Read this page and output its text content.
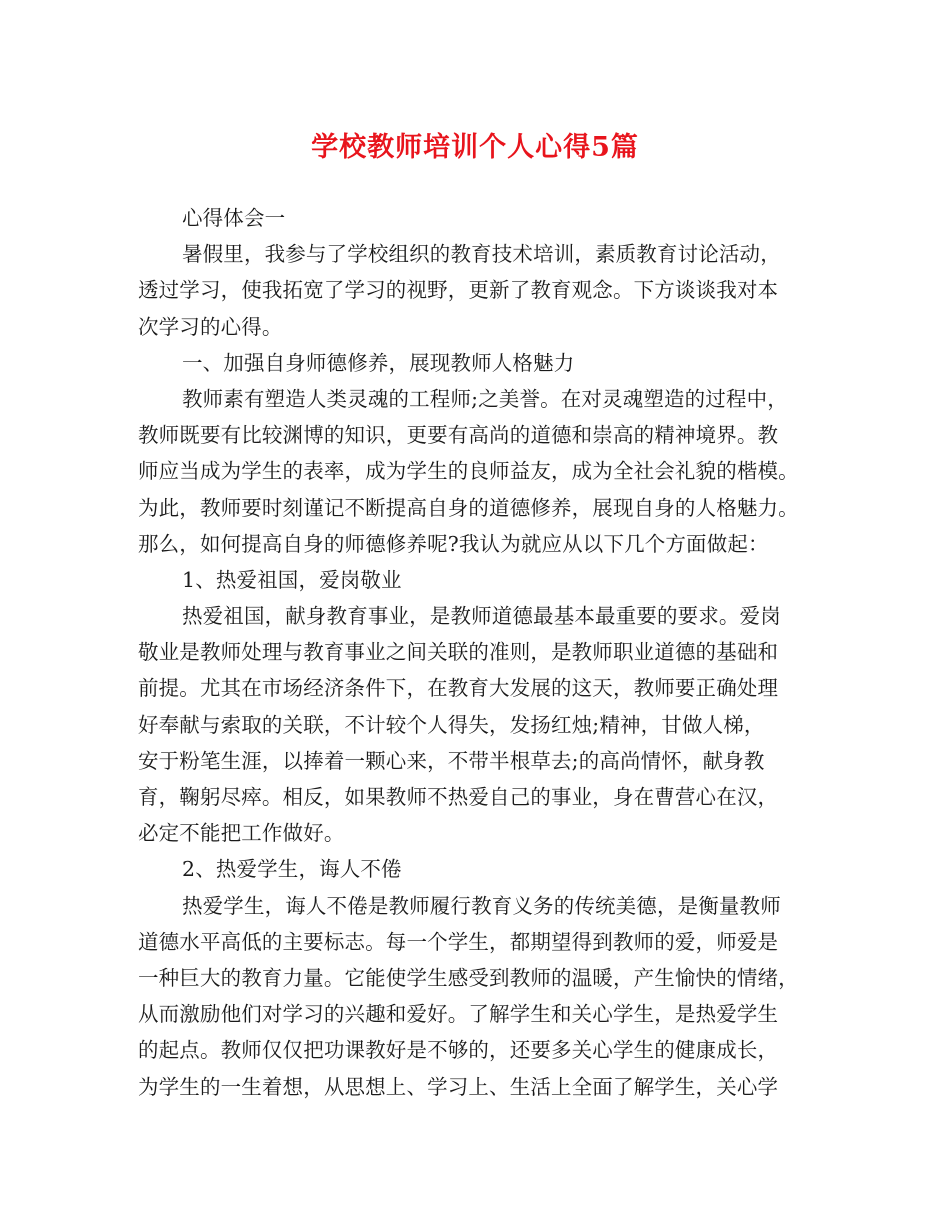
学校教师培训个人心得5篇
心得体会一
暑假里，我参与了学校组织的教育技术培训，素质教育讨论活动，
透过学习，使我拓宽了学习的视野，更新了教育观念。下方谈谈我对本
次学习的心得。
一、加强自身师德修养，展现教师人格魅力
教师素有塑造人类灵魂的工程师;之美誉。在对灵魂塑造的过程中，
教师既要有比较渊博的知识，更要有高尚的道德和崇高的精神境界。教
师应当成为学生的表率，成为学生的良师益友，成为全社会礼貌的楷模。
为此，教师要时刻谨记不断提高自身的道德修养，展现自身的人格魅力。
那么，如何提高自身的师德修养呢?我认为就应从以下几个方面做起：
1、热爱祖国，爱岗敬业
热爱祖国，献身教育事业，是教师道德最基本最重要的要求。爱岗
敬业是教师处理与教育事业之间关联的准则，是教师职业道德的基础和
前提。尤其在市场经济条件下，在教育大发展的这天，教师要正确处理
好奉献与索取的关联，不计较个人得失，发扬红烛;精神，甘做人梯，
安于粉笔生涯，以捧着一颗心来，不带半根草去;的高尚情怀，献身教
育，鞠躬尽瘁。相反，如果教师不热爱自己的事业，身在曹营心在汉，
必定不能把工作做好。
2、热爱学生，诲人不倦
热爱学生，诲人不倦是教师履行教育义务的传统美德，是衡量教师
道德水平高低的主要标志。每一个学生，都期望得到教师的爱，师爱是
一种巨大的教育力量。它能使学生感受到教师的温暖，产生愉快的情绪，
从而激励他们对学习的兴趣和爱好。了解学生和关心学生，是热爱学生
的起点。教师仅仅把功课教好是不够的，还要多关心学生的健康成长，
为学生的一生着想，从思想上、学习上、生活上全面了解学生，关心学
